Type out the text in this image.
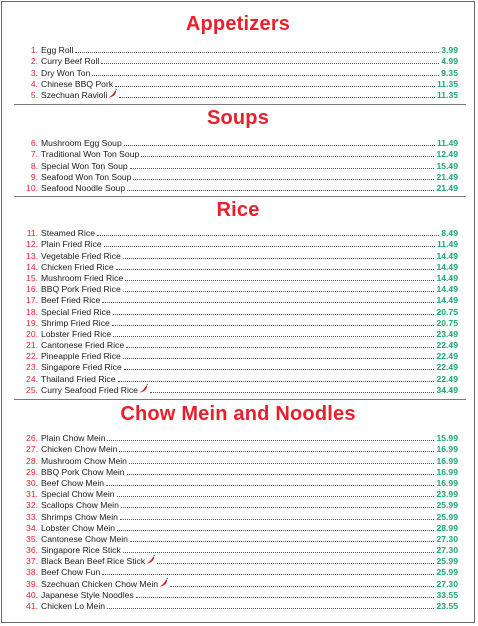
Appetizers
1. Egg Roll	3.99
2. Curry Beef Roll	4.99
3. Dry Won Ton	9.35
4. Chinese BBQ Pork	11.35
5. Szechuan Ravioli	11.35
Soups
6. Mushroom Egg Soup	11.49
7. Traditional Won Ton Soup	12.49
8. Special Won Ton Soup	15.49
9. Seafood Won Ton Soup	21.49
10. Seafood Noodle Soup	21.49
Rice
11. Steamed Rice	8.49
12. Plain Fried Rice	11.49
13. Vegetable Fried Rice	14.49
14. Chicken Fried Rice	14.49
15. Mushroom Fried Rice	14.49
16. BBQ Pork Fried Rice	14.49
17. Beef Fried Rice	14.49
18. Special Fried Rice	20.75
19. Shrimp Fried Rice	20.75
20. Lobster Fried Rice	23.49
21. Cantonese Fried Rice	22.49
22. Pineapple Fried Rice	22.49
23. Singapore Fried Rice	22.49
24. Thailand Fried Rice	22.49
25. Curry Seafood Fried Rice	34.49
Chow Mein and Noodles
26. Plain Chow Mein	15.99
27. Chicken Chow Mein	16.99
28. Mushroom Chow Mein	16.99
29. BBQ Pork Chow Mein	16.99
30. Beef Chow Mein	16.99
31. Special Chow Mein	23.99
32. Scallops Chow Mein	25.99
33. Shrimps Chow Mein	25.99
34. Lobster Chow Mein	28.99
35. Cantonese Chow Mein	27.30
36. Singapore Rice Stick	27.30
37. Black Bean Beef Rice Stick	25.99
38. Beef Chow Fun	25.99
39. Szechuan Chicken Chow Mein	27.30
40. Japanese Style Noodles	33.55
41. Chicken Lo Mein	23.55
